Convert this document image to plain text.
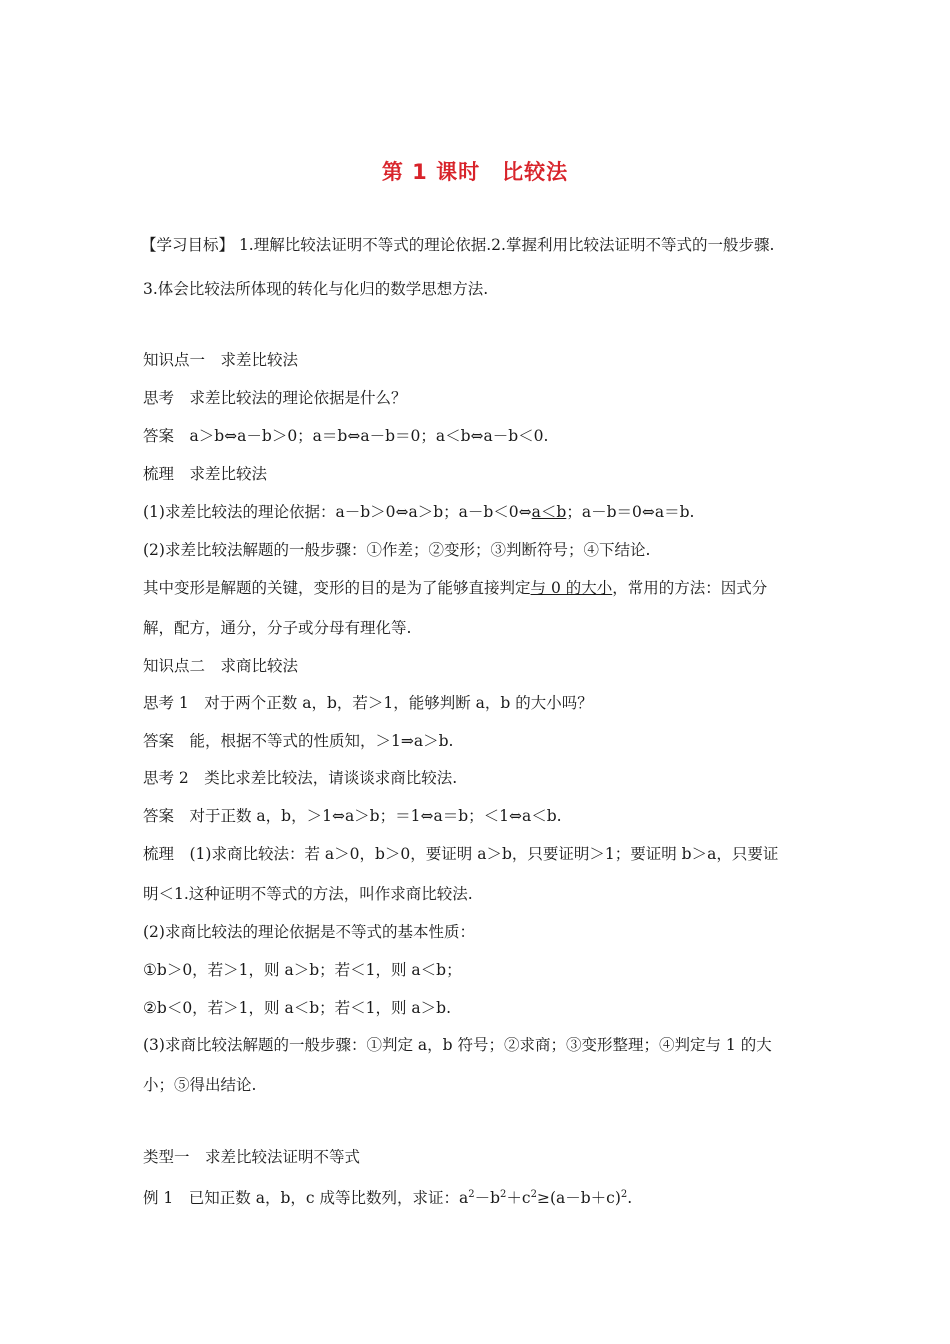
第 1 课时　比较法
【学习目标】 1.理解比较法证明不等式的理论依据.2.掌握利用比较法证明不等式的一般步骤.
3.体会比较法所体现的转化与化归的数学思想方法.
知识点一　求差比较法
思考　求差比较法的理论依据是什么？
答案　a＞b⇔a－b＞0；a＝b⇔a－b＝0；a＜b⇔a－b＜0.
梳理　求差比较法
(1)求差比较法的理论依据：a－b＞0⇔a＞b；a－b＜0⇔a＜b；a－b＝0⇔a＝b.
(2)求差比较法解题的一般步骤：①作差；②变形；③判断符号；④下结论.
其中变形是解题的关键，变形的目的是为了能够直接判定与 0 的大小，常用的方法：因式分
解，配方，通分，分子或分母有理化等.
知识点二　求商比较法
思考 1　对于两个正数 a，b，若＞1，能够判断 a，b 的大小吗？
答案　能，根据不等式的性质知，＞1⇒a＞b.
思考 2　类比求差比较法，请谈谈求商比较法.
答案　对于正数 a，b，＞1⇔a＞b；＝1⇔a＝b；＜1⇔a＜b.
梳理　(1)求商比较法：若 a＞0，b＞0，要证明 a＞b，只要证明＞1；要证明 b＞a，只要证
明＜1.这种证明不等式的方法，叫作求商比较法.
(2)求商比较法的理论依据是不等式的基本性质：
①b＞0，若＞1，则 a＞b；若＜1，则 a＜b；
②b＜0，若＞1，则 a＜b；若＜1，则 a＞b.
(3)求商比较法解题的一般步骤：①判定 a，b 符号；②求商；③变形整理；④判定与 1 的大
小；⑤得出结论.
类型一　求差比较法证明不等式
例 1　已知正数 a，b，c 成等比数列，求证：$a^2-b^2+c^2\ge(a-b+c)^2$.
